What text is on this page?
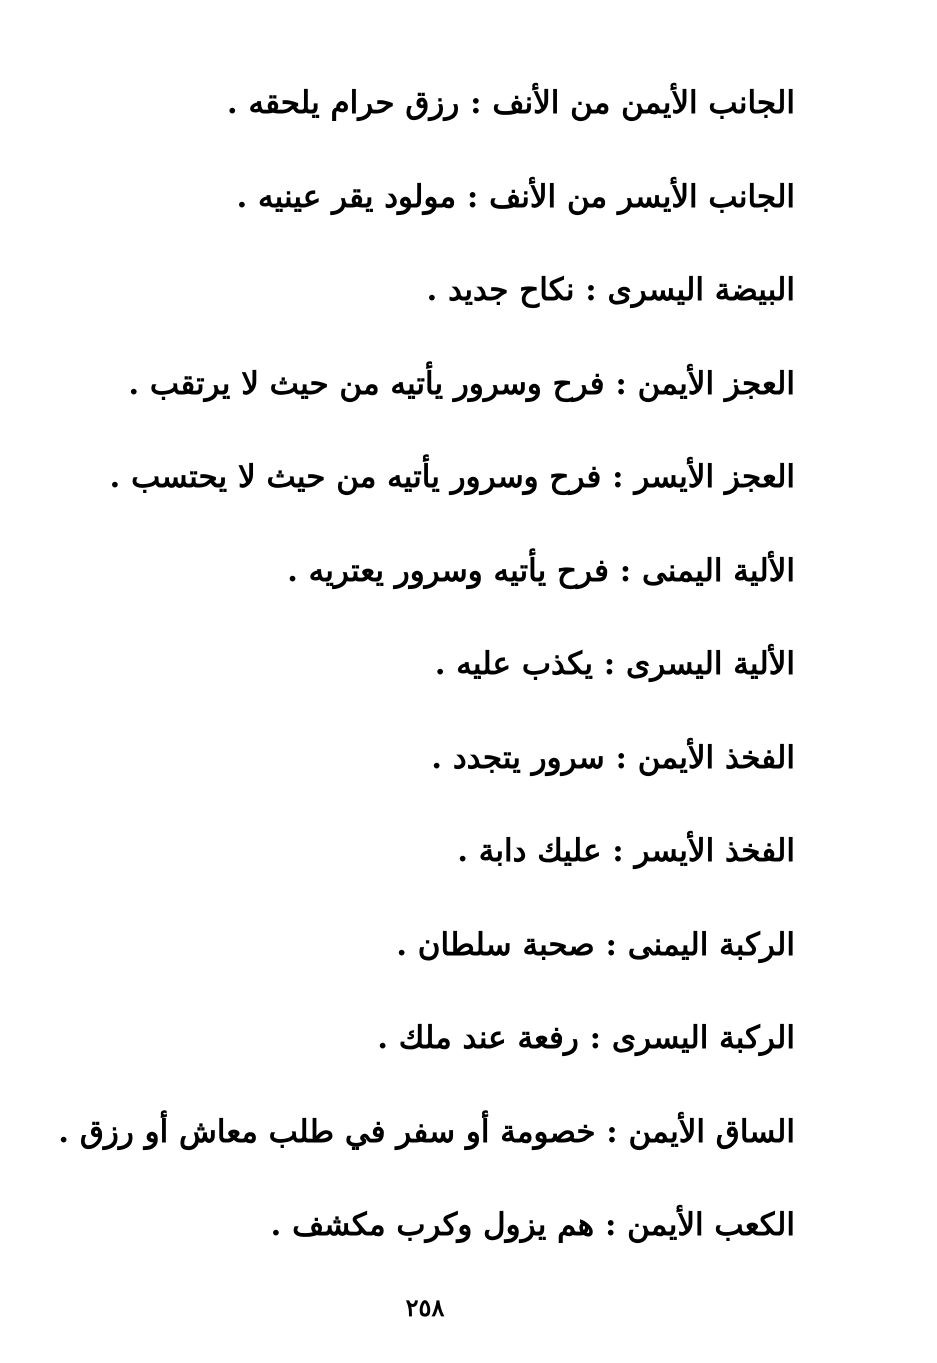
الجانب الأيمن من الأنف : رزق حرام يلحقه .
الجانب الأيسر من الأنف : مولود يقر عينيه .
البيضة اليسرى : نكاح جديد .
العجز الأيمن : فرح وسرور يأتيه من حيث لا يرتقب .
العجز الأيسر : فرح وسرور يأتيه من حيث لا يحتسب .
الألية اليمنى : فرح يأتيه وسرور يعتريه .
الألية اليسرى : يكذب عليه .
الفخذ الأيمن : سرور يتجدد .
الفخذ الأيسر : عليك دابة .
الركبة اليمنى : صحبة سلطان .
الركبة اليسرى : رفعة عند ملك .
الساق الأيمن : خصومة أو سفر في طلب معاش أو رزق .
الكعب الأيمن : هم يزول وكرب مكشف .
٢٥٨
